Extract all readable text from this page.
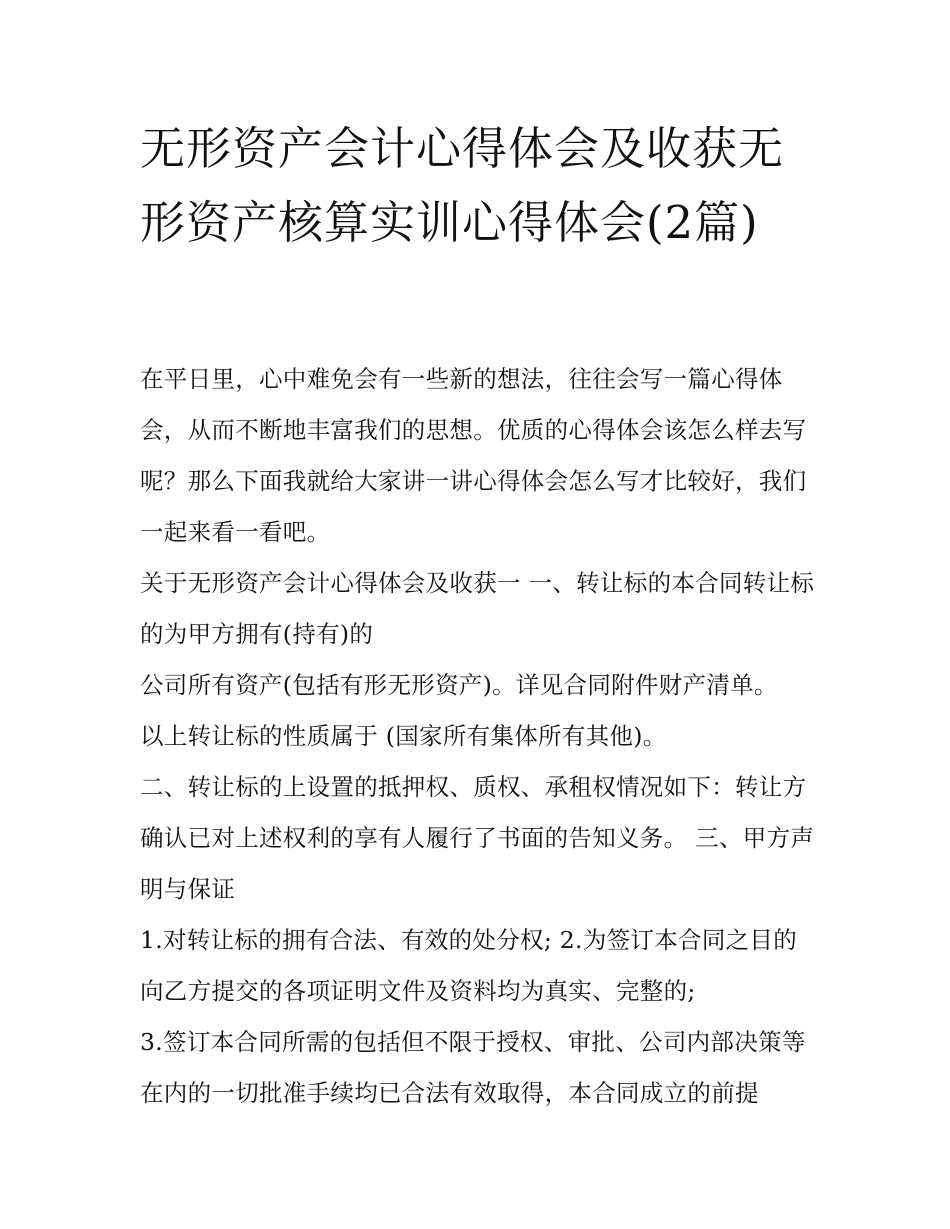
无形资产会计心得体会及收获无形资产核算实训心得体会(2篇)

在平日里，心中难免会有一些新的想法，往往会写一篇心得体会，从而不断地丰富我们的思想。优质的心得体会该怎么样去写呢？那么下面我就给大家讲一讲心得体会怎么写才比较好，我们一起来看一看吧。

关于无形资产会计心得体会及收获一 一、转让标的本合同转让标的为甲方拥有(持有)的

公司所有资产(包括有形无形资产)。详见合同附件财产清单。

以上转让标的性质属于 (国家所有集体所有其他)。

二、转让标的上设置的抵押权、质权、承租权情况如下：转让方确认已对上述权利的享有人履行了书面的告知义务。 三、甲方声明与保证

1.对转让标的拥有合法、有效的处分权; 2.为签订本合同之目的向乙方提交的各项证明文件及资料均为真实、完整的;

3.签订本合同所需的包括但不限于授权、审批、公司内部决策等在内的一切批准手续均已合法有效取得，本合同成立的前提
